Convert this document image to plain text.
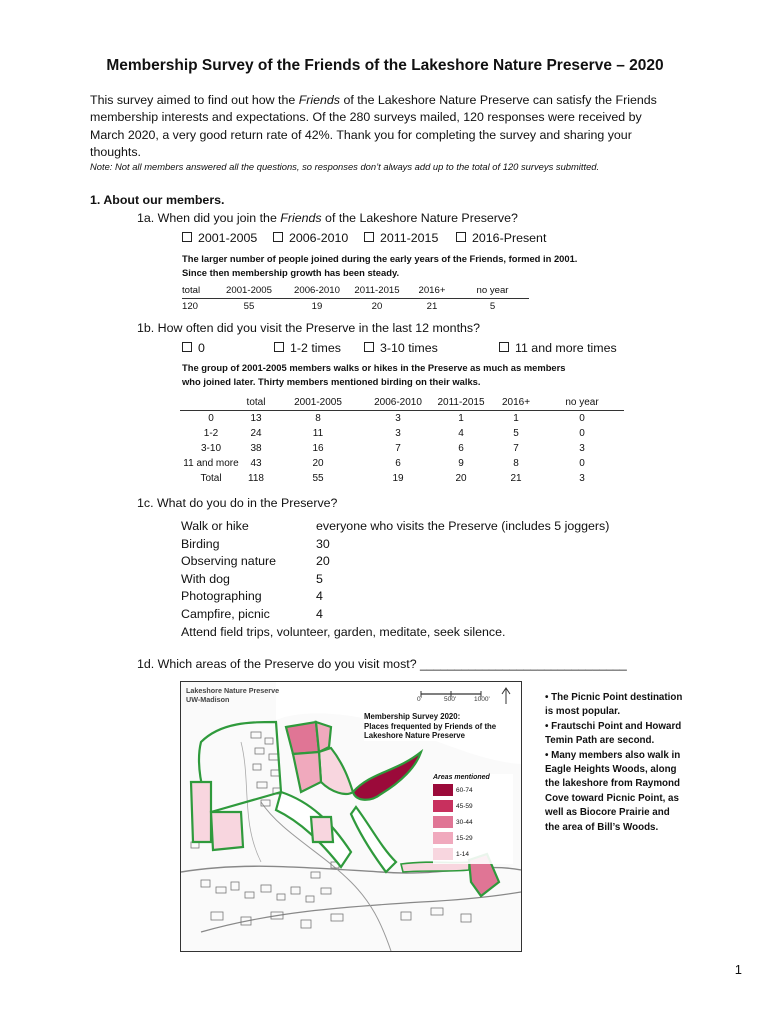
Membership Survey of the Friends of the Lakeshore Nature Preserve – 2020
This survey aimed to find out how the Friends of the Lakeshore Nature Preserve can satisfy the Friends
membership interests and expectations. Of the 280 surveys mailed, 120 responses were received by
March 2020, a very good return rate of 42%. Thank you for completing the survey and sharing your
thoughts.
Note: Not all members answered all the questions, so responses don’t always add up to the total of 120 surveys submitted.
1. About our members.
1a. When did you join the Friends of the Lakeshore Nature Preserve?
2001-2005	2006-2010	2011-2015	2016-Present
The larger number of people joined during the early years of the Friends, formed in 2001.
Since then membership growth has been steady.
total	2001-2005	2006-2010	2011-2015	2016+	no year
120	55	19	20	21	5
1b. How often did you visit the Preserve in the last 12 months?
0	1-2 times	3-10 times	11 and more times
The group of 2001-2005 members walks or hikes in the Preserve as much as members
who joined later. Thirty members mentioned birding on their walks.
	total	2001-2005	2006-2010	2011-2015	2016+	no year
0	13	8	3	1	1	0
1-2	24	11	3	4	5	0
3-10	38	16	7	6	7	3
11 and more	43	20	6	9	8	0
Total	118	55	19	20	21	3
1c. What do you do in the Preserve?
Walk or hike	everyone who visits the Preserve (includes 5 joggers)
Birding	30
Observing nature	20
With dog	5
Photographing	4
Campfire, picnic	4
Attend field trips, volunteer, garden, meditate, seek silence.
1d. Which areas of the Preserve do you visit most? ______________________________
Lakeshore Nature Preserve
UW-Madison	0'	500'	1000'
Membership Survey 2020:
Places frequented by Friends of the
Lakeshore Nature Preserve
Areas mentioned
60-74
45-59
30-44
15-29
1-14
• The Picnic Point destination
is most popular.
• Frautschi Point and Howard
Temin Path are second.
• Many members also walk in
Eagle Heights Woods, along
the lakeshore from Raymond
Cove toward Picnic Point, as
well as Biocore Prairie and
the area of Bill’s Woods.
1
